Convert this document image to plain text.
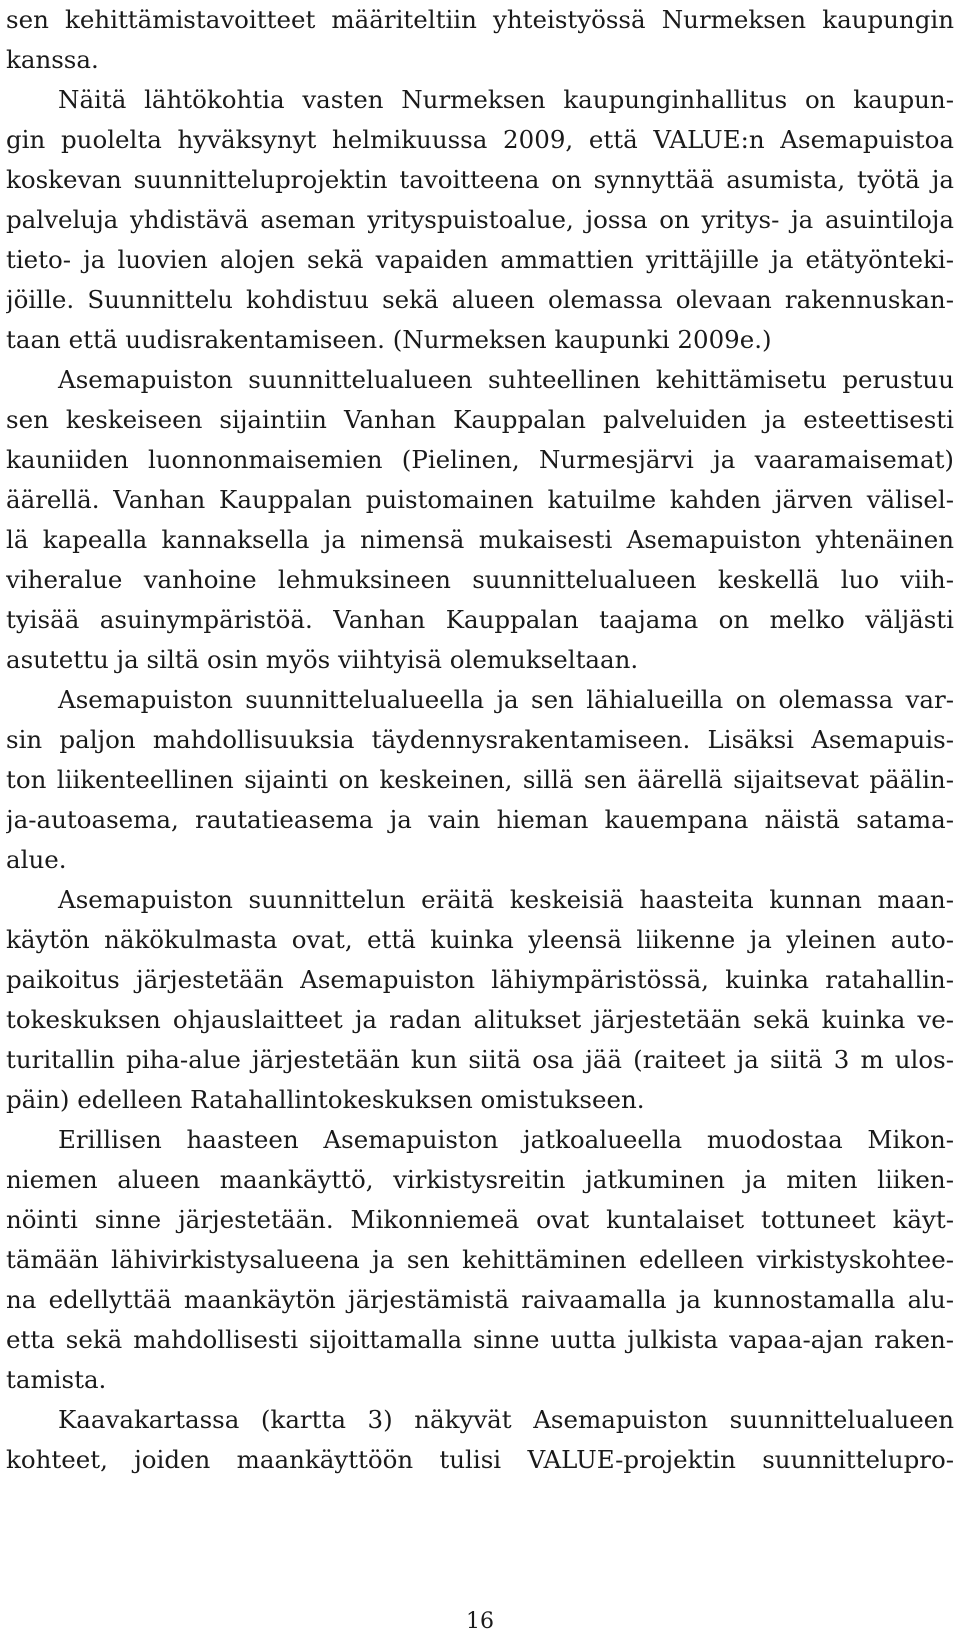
sen kehittämistavoitteet määriteltiin yhteistyössä Nurmeksen kaupungin
kanssa.
Näitä lähtökohtia vasten Nurmeksen kaupunginhallitus on kaupun-
gin puolelta hyväksynyt helmikuussa 2009, että VALUE:n Asemapuistoa
koskevan suunnitteluprojektin tavoitteena on synnyttää asumista, työtä ja
palveluja yhdistävä aseman yrityspuistoalue, jossa on yritys- ja asuintiloja
tieto- ja luovien alojen sekä vapaiden ammattien yrittäjille ja etätyönteki-
jöille. Suunnittelu kohdistuu sekä alueen olemassa olevaan rakennuskan-
taan että uudisrakentamiseen. (Nurmeksen kaupunki 2009e.)
Asemapuiston suunnittelualueen suhteellinen kehittämisetu perustuu
sen keskeiseen sijaintiin Vanhan Kauppalan palveluiden ja esteettisesti
kauniiden luonnonmaisemien (Pielinen, Nurmesjärvi ja vaaramaisemat)
äärellä. Vanhan Kauppalan puistomainen katuilme kahden järven välisel-
lä kapealla kannaksella ja nimensä mukaisesti Asemapuiston yhtenäinen
viheralue vanhoine lehmuksineen suunnittelualueen keskellä luo viih-
tyisää asuinympäristöä. Vanhan Kauppalan taajama on melko väljästi
asutettu ja siltä osin myös viihtyisä olemukseltaan.
Asemapuiston suunnittelualueella ja sen lähialueilla on olemassa var-
sin paljon mahdollisuuksia täydennysrakentamiseen. Lisäksi Asemapuis-
ton liikenteellinen sijainti on keskeinen, sillä sen äärellä sijaitsevat päälin-
ja-autoasema, rautatieasema ja vain hieman kauempana näistä satama-
alue.
Asemapuiston suunnittelun eräitä keskeisiä haasteita kunnan maan-
käytön näkökulmasta ovat, että kuinka yleensä liikenne ja yleinen auto-
paikoitus järjestetään Asemapuiston lähiympäristössä, kuinka ratahallin-
tokeskuksen ohjauslaitteet ja radan alitukset järjestetään sekä kuinka ve-
turitallin piha-alue järjestetään kun siitä osa jää (raiteet ja siitä 3 m ulos-
päin) edelleen Ratahallintokeskuksen omistukseen.
Erillisen haasteen Asemapuiston jatkoalueella muodostaa Mikon-
niemen alueen maankäyttö, virkistysreitin jatkuminen ja miten liiken-
nöinti sinne järjestetään. Mikonniemeä ovat kuntalaiset tottuneet käyt-
tämään lähivirkistysalueena ja sen kehittäminen edelleen virkistyskohtee-
na edellyttää maankäytön järjestämistä raivaamalla ja kunnostamalla alu-
etta sekä mahdollisesti sijoittamalla sinne uutta julkista vapaa-ajan raken-
tamista.
Kaavakartassa (kartta 3) näkyvät Asemapuiston suunnittelualueen
kohteet, joiden maankäyttöön tulisi VALUE-projektin suunnittelupro-
16
